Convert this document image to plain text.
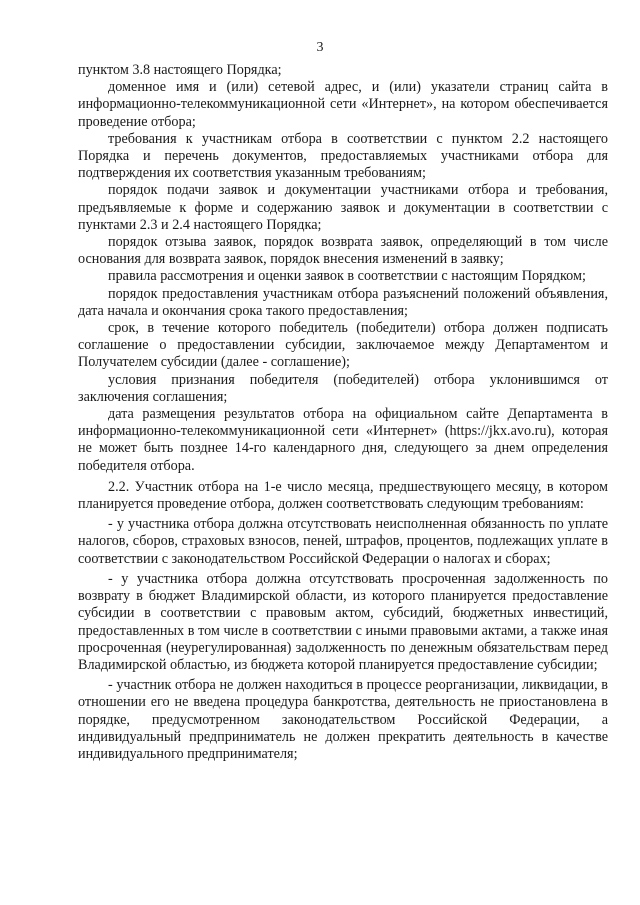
3

пунктом 3.8 настоящего Порядка;

доменное имя и (или) сетевой адрес, и (или) указатели страниц сайта в информационно-телекоммуникационной сети «Интернет», на котором обеспечивается проведение отбора;

требования к участникам отбора в соответствии с пунктом 2.2 настоящего Порядка и перечень документов, предоставляемых участниками отбора для подтверждения их соответствия указанным требованиям;

порядок подачи заявок и документации участниками отбора и требования, предъявляемые к форме и содержанию заявок и документации в соответствии с пунктами 2.3 и 2.4 настоящего Порядка;

порядок отзыва заявок, порядок возврата заявок, определяющий в том числе основания для возврата заявок, порядок внесения изменений в заявку;

правила рассмотрения и оценки заявок в соответствии с настоящим Порядком;

порядок предоставления участникам отбора разъяснений положений объявления, дата начала и окончания срока такого предоставления;

срок, в течение которого победитель (победители) отбора должен подписать соглашение о предоставлении субсидии, заключаемое между Департаментом и Получателем субсидии (далее - соглашение);

условия признания победителя (победителей) отбора уклонившимся от заключения соглашения;

дата размещения результатов отбора на официальном сайте Департамента в информационно-телекоммуникационной сети «Интернет» (https://jkx.avo.ru), которая не может быть позднее 14-го календарного дня, следующего за днем определения победителя отбора.

2.2. Участник отбора на 1-е число месяца, предшествующего месяцу, в котором планируется проведение отбора, должен соответствовать следующим требованиям:

- у участника отбора должна отсутствовать неисполненная обязанность по уплате налогов, сборов, страховых взносов, пеней, штрафов, процентов, подлежащих уплате в соответствии с законодательством Российской Федерации о налогах и сборах;

- у участника отбора должна отсутствовать просроченная задолженность по возврату в бюджет Владимирской области, из которого планируется предоставление субсидии в соответствии с правовым актом, субсидий, бюджетных инвестиций, предоставленных в том числе в соответствии с иными правовыми актами, а также иная просроченная (неурегулированная) задолженность по денежным обязательствам перед Владимирской областью, из бюджета которой планируется предоставление субсидии;

- участник отбора не должен находиться в процессе реорганизации, ликвидации, в отношении его не введена процедура банкротства, деятельность не приостановлена в порядке, предусмотренном законодательством Российской Федерации, а индивидуальный предприниматель не должен прекратить деятельность в качестве индивидуального предпринимателя;
